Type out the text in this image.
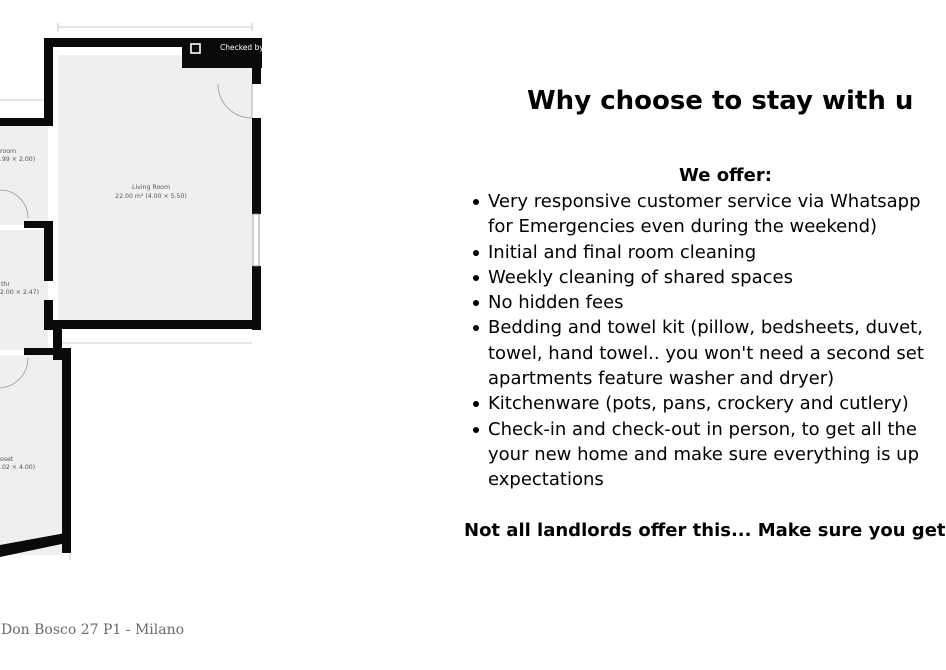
Checked by
Living Room
22.00 m² (4.00 × 5.50)
room
.99 × 2.00)
thr
2.00 × 2.47)
oset
.02 × 4.00)
Don Bosco 27 P1 - Milano
Why choose to stay with u
We offer:
Very responsive customer service via Whatsapp
for Emergencies even during the weekend)
Initial and final room cleaning
Weekly cleaning of shared spaces
No hidden fees
Bedding and towel kit (pillow, bedsheets, duvet,
towel, hand towel.. you won't need a second set
apartments feature washer and dryer)
Kitchenware (pots, pans, crockery and cutlery)
Check-in and check-out in person, to get all the
your new home and make sure everything is up
expectations
Not all landlords offer this... Make sure you get
